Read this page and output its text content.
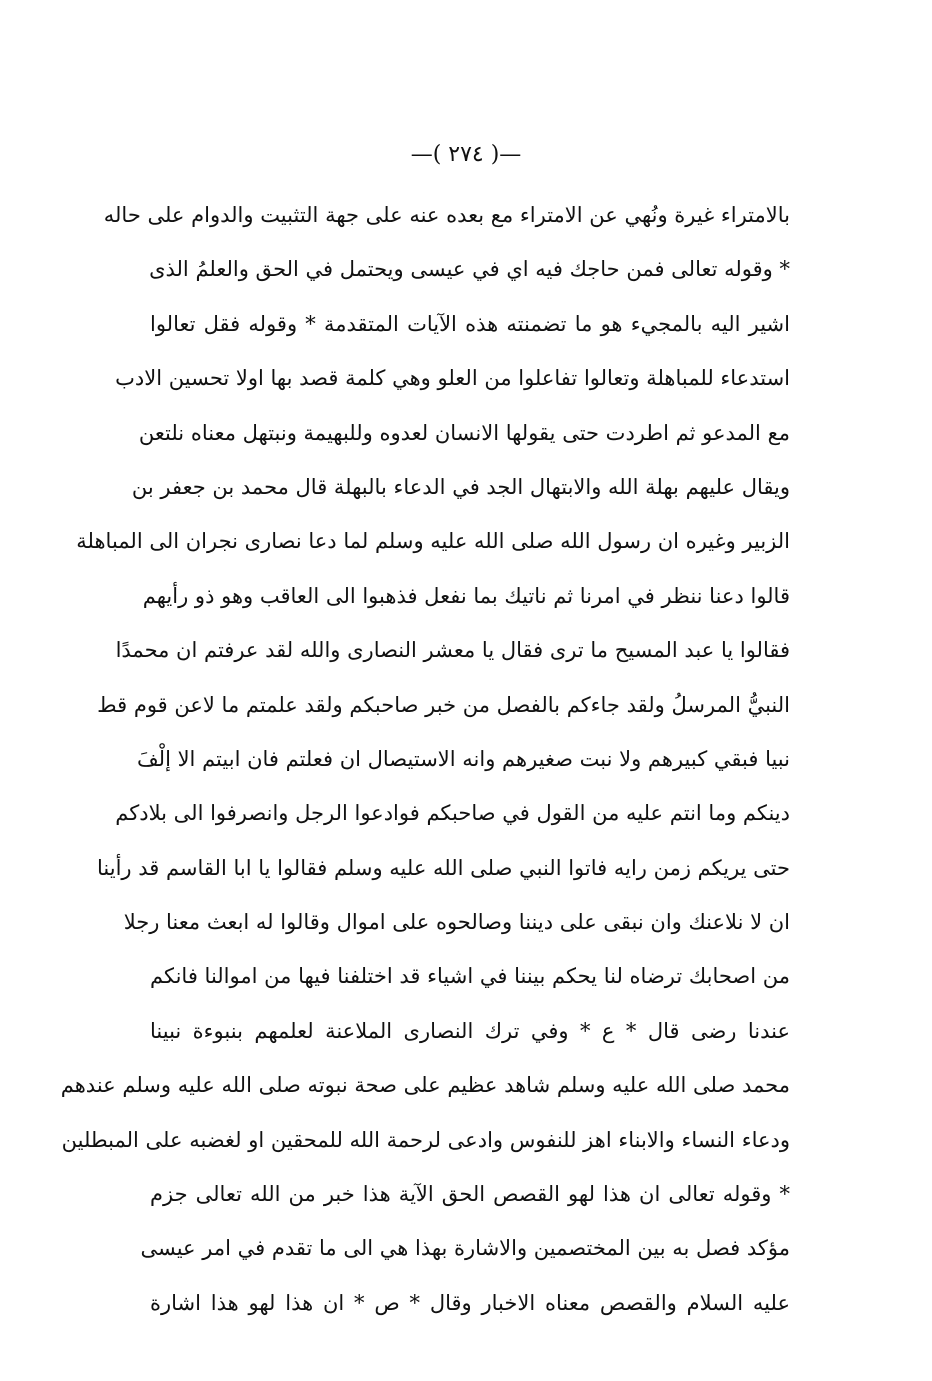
—( ٢٧٤ )—
بالامتراء غيرة ونُهي عن الامتراء مع بعده عنه على جهة التثبيت والدوام على حاله
* وقوله تعالى فمن حاجك فيه اي في عيسى ويحتمل في الحق والعلمُ الذى
اشير اليه بالمجيء هو ما تضمنته هذه الآيات المتقدمة * وقوله فقل تعالوا
استدعاء للمباهلة وتعالوا تفاعلوا من العلو وهي كلمة قصد بها اولا تحسين الادب
مع المدعو ثم اطردت حتى يقولها الانسان لعدوه وللبهيمة ونبتهل معناه نلتعن
ويقال عليهم بهلة الله والابتهال الجد في الدعاء بالبهلة قال محمد بن جعفر بن
الزبير وغيره ان رسول الله صلى الله عليه وسلم لما دعا نصارى نجران الى المباهلة
قالوا دعنا ننظر في امرنا ثم ناتيك بما نفعل فذهبوا الى العاقب وهو ذو رأيهم
فقالوا يا عبد المسيح ما ترى فقال يا معشر النصارى والله لقد عرفتم ان محمدًا
النبيُّ المرسلُ ولقد جاءكم بالفصل من خبر صاحبكم ولقد علمتم ما لاعن قوم قط
نبيا فبقي كبيرهم ولا نبت صغيرهم وانه الاستيصال ان فعلتم فان ابيتم الا إلْفَ
دينكم وما انتم عليه من القول في صاحبكم فوادعوا الرجل وانصرفوا الى بلادكم
حتى يريكم زمن رايه فاتوا النبي صلى الله عليه وسلم فقالوا يا ابا القاسم قد رأينا
ان لا نلاعنك وان نبقى على ديننا وصالحوه على اموال وقالوا له ابعث معنا رجلا
من اصحابك ترضاه لنا يحكم بيننا في اشياء قد اختلفنا فيها من اموالنا فانكم
عندنا رضى قال * ع * وفي ترك النصارى الملاعنة لعلمهم بنبوءة نبينا
محمد صلى الله عليه وسلم شاهد عظيم على صحة نبوته صلى الله عليه وسلم عندهم
ودعاء النساء والابناء اهز للنفوس وادعى لرحمة الله للمحقين او لغضبه على المبطلين
* وقوله تعالى ان هذا لهو القصص الحق الآية هذا خبر من الله تعالى جزم
مؤكد فصل به بين المختصمين والاشارة بهذا هي الى ما تقدم في امر عيسى
عليه السلام والقصص معناه الاخبار وقال * ص * ان هذا لهو هذا اشارة
